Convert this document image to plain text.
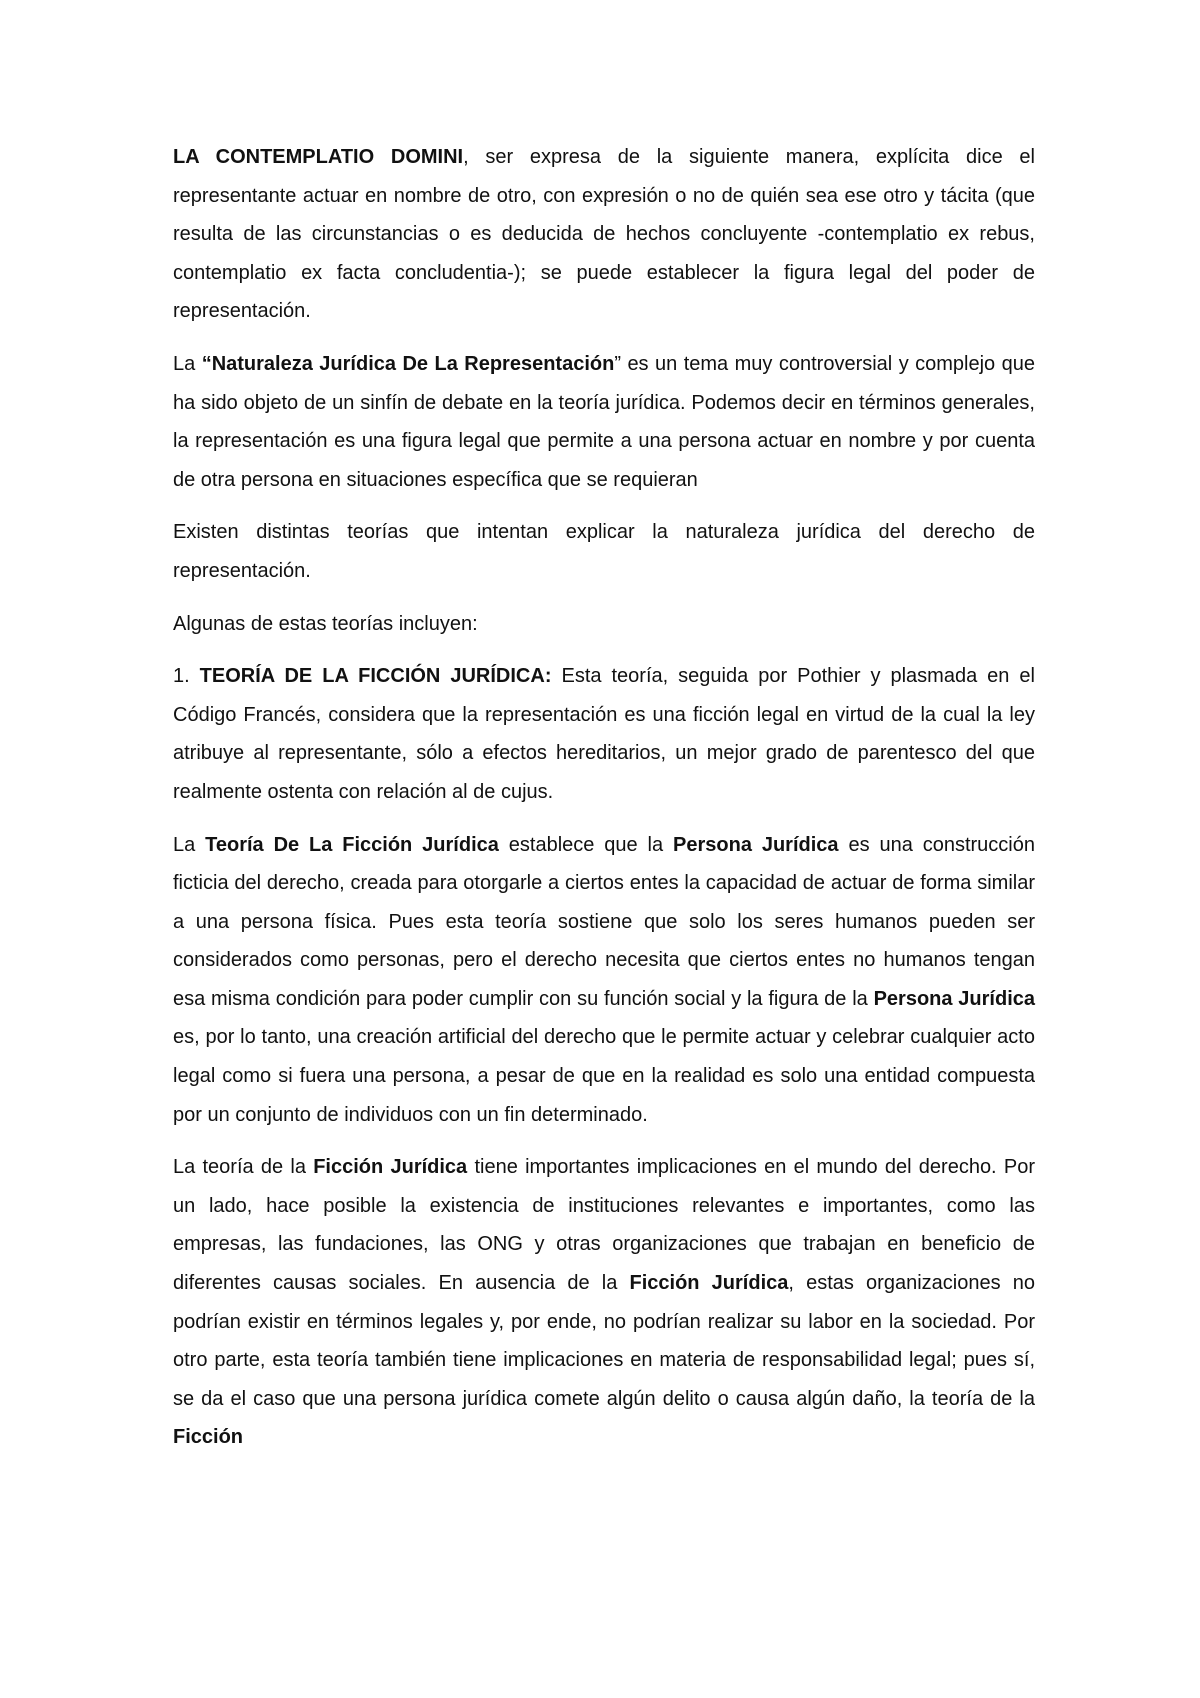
LA CONTEMPLATIO DOMINI, ser expresa de la siguiente manera, explícita dice el representante actuar en nombre de otro, con expresión o no de quién sea ese otro y tácita (que resulta de las circunstancias o es deducida de hechos concluyente -contemplatio ex rebus, contemplatio ex facta concludentia-); se puede establecer la figura legal del poder de representación.

La “Naturaleza Jurídica De La Representación” es un tema muy controversial y complejo que ha sido objeto de un sinfín de debate en la teoría jurídica. Podemos decir en términos generales, la representación es una figura legal que permite a una persona actuar en nombre y por cuenta de otra persona en situaciones específica que se requieran

Existen distintas teorías que intentan explicar la naturaleza jurídica del derecho de representación.

Algunas de estas teorías incluyen:

1. TEORÍA DE LA FICCIÓN JURÍDICA: Esta teoría, seguida por Pothier y plasmada en el Código Francés, considera que la representación es una ficción legal en virtud de la cual la ley atribuye al representante, sólo a efectos hereditarios, un mejor grado de parentesco del que realmente ostenta con relación al de cujus.

La Teoría De La Ficción Jurídica establece que la Persona Jurídica es una construcción ficticia del derecho, creada para otorgarle a ciertos entes la capacidad de actuar de forma similar a una persona física. Pues esta teoría sostiene que solo los seres humanos pueden ser considerados como personas, pero el derecho necesita que ciertos entes no humanos tengan esa misma condición para poder cumplir con su función social y la figura de la Persona Jurídica es, por lo tanto, una creación artificial del derecho que le permite actuar y celebrar cualquier acto legal como si fuera una persona, a pesar de que en la realidad es solo una entidad compuesta por un conjunto de individuos con un fin determinado.

La teoría de la Ficción Jurídica tiene importantes implicaciones en el mundo del derecho. Por un lado, hace posible la existencia de instituciones relevantes e importantes, como las empresas, las fundaciones, las ONG y otras organizaciones que trabajan en beneficio de diferentes causas sociales. En ausencia de la Ficción Jurídica, estas organizaciones no podrían existir en términos legales y, por ende, no podrían realizar su labor en la sociedad. Por otro parte, esta teoría también tiene implicaciones en materia de responsabilidad legal; pues sí, se da el caso que una persona jurídica comete algún delito o causa algún daño, la teoría de la Ficción
